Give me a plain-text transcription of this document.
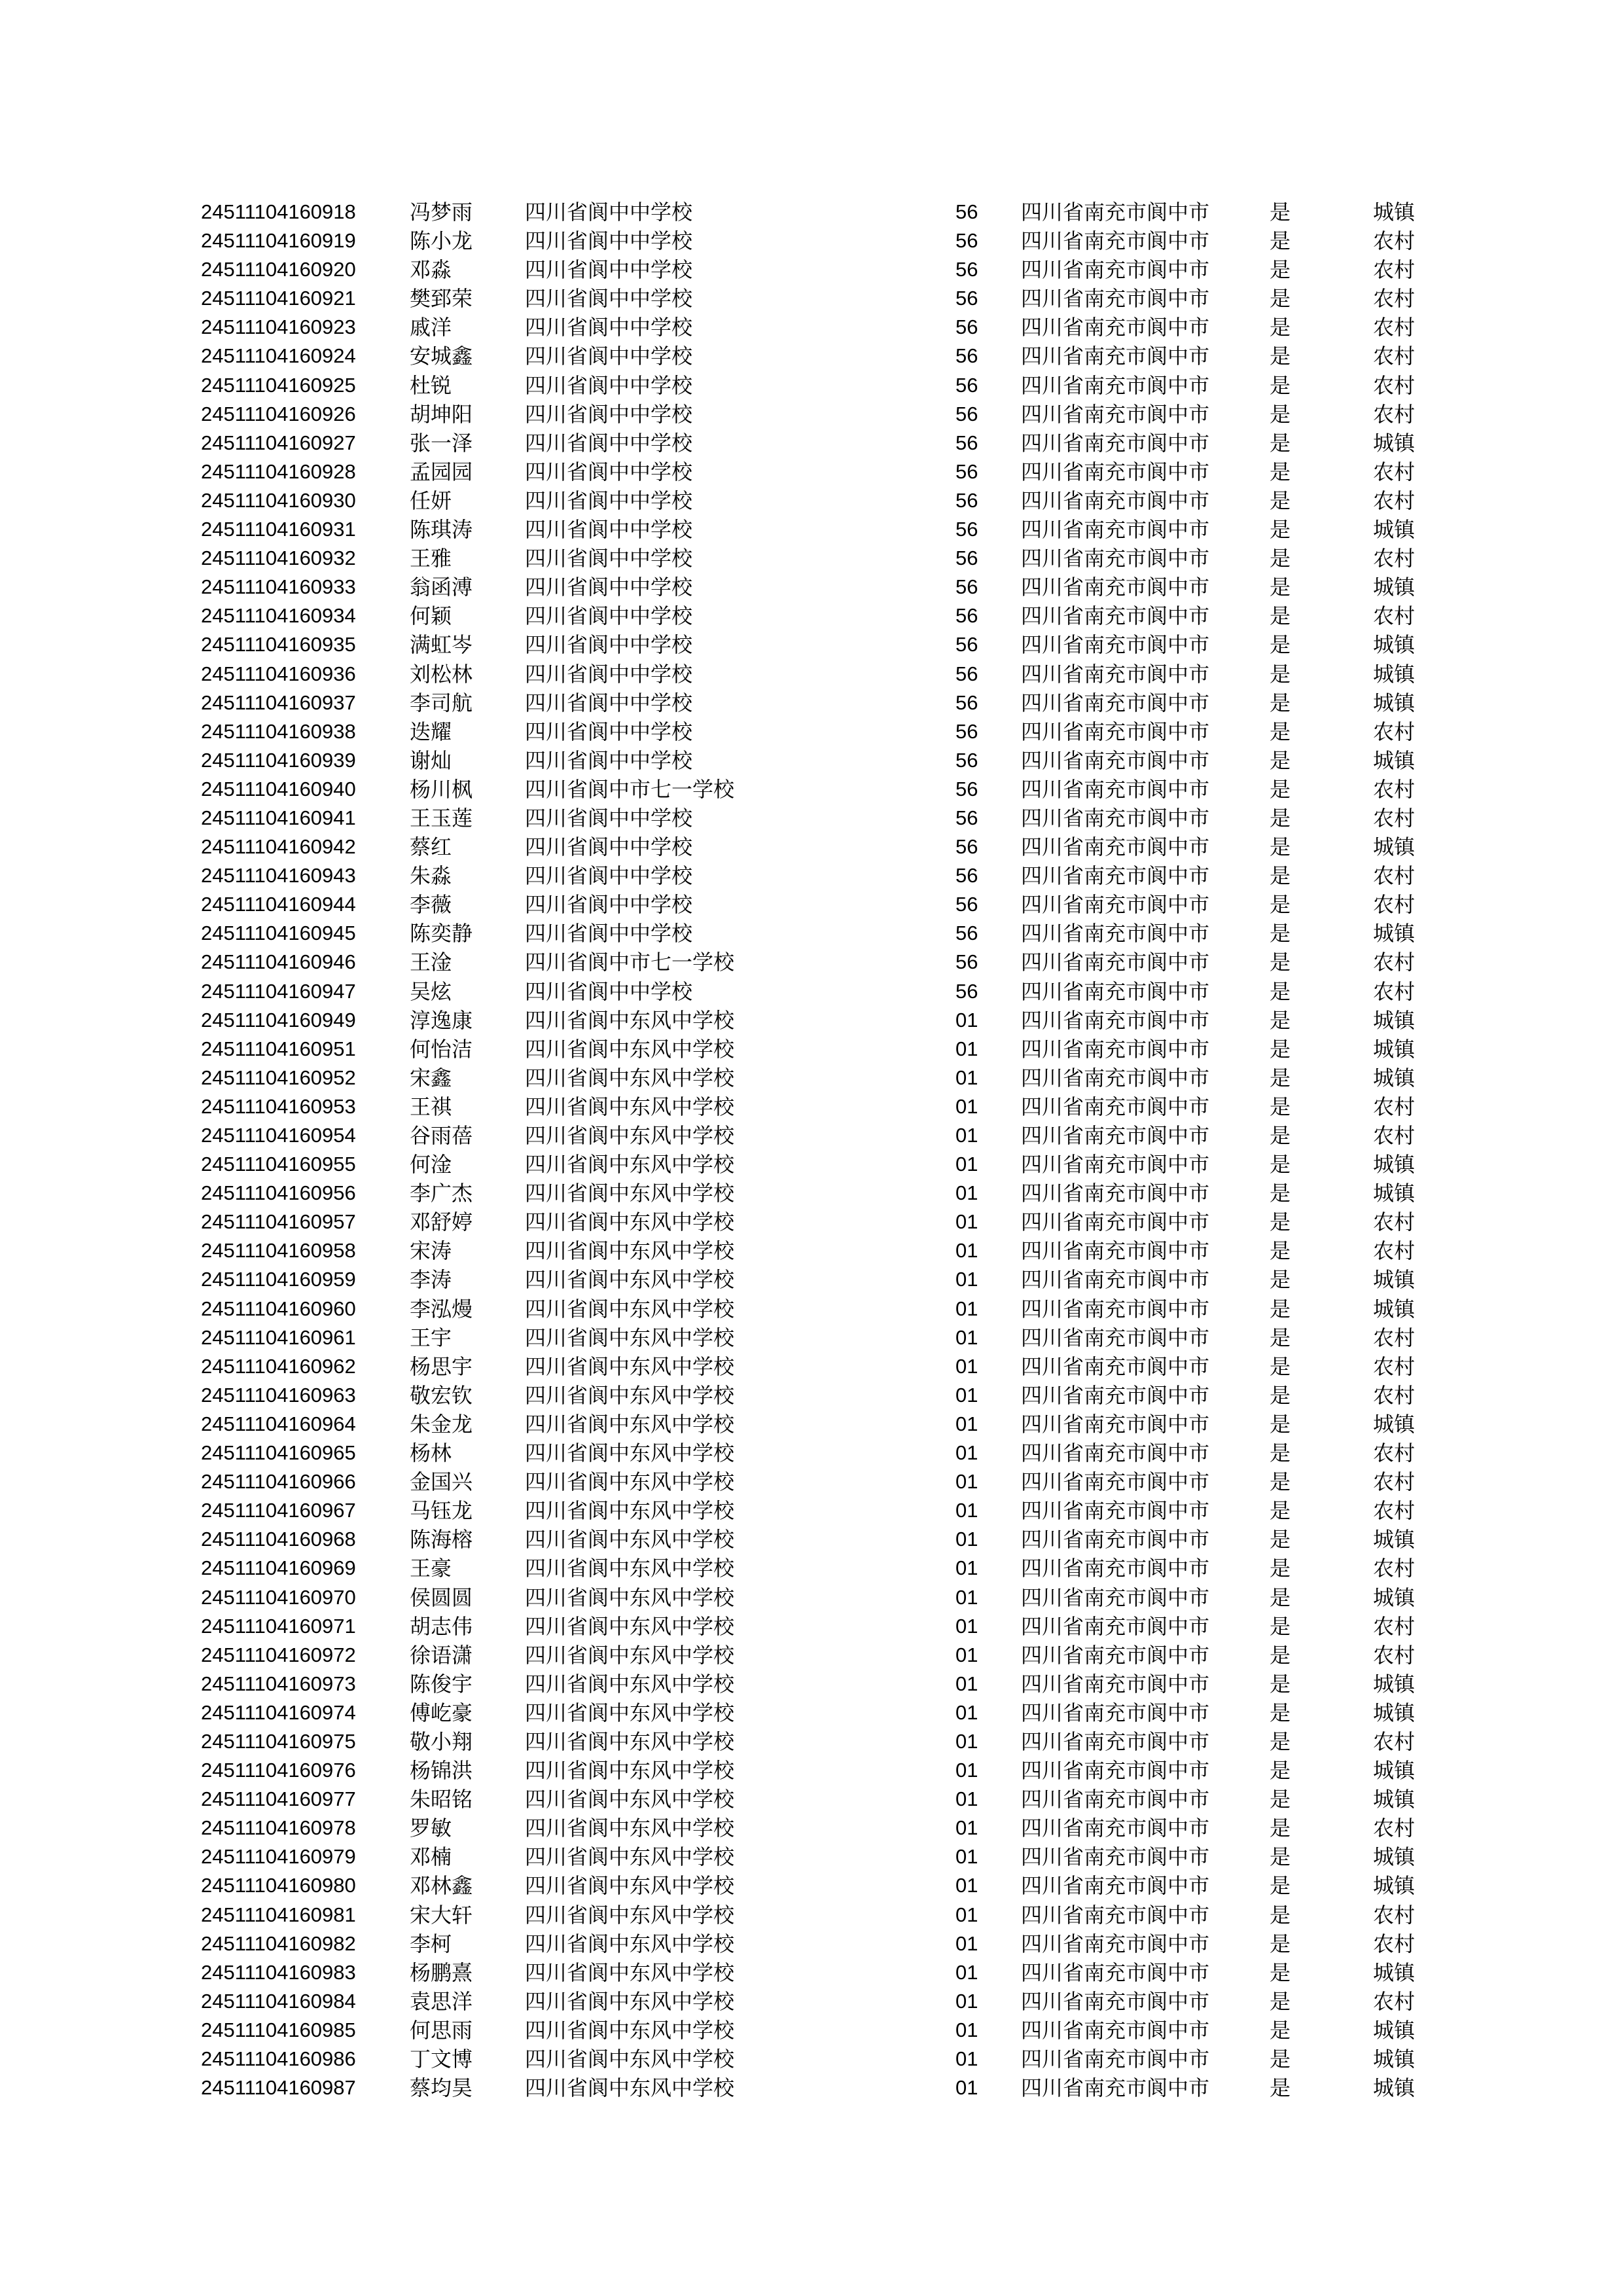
24511104160918	冯梦雨 四川省阆中中学校	56 四川省南充市阆中市	是	城镇
24511104160919	陈小龙 四川省阆中中学校	56 四川省南充市阆中市	是	农村
24511104160920	邓淼	四川省阆中中学校	56 四川省南充市阆中市	是	农村
24511104160921	樊郅荣 四川省阆中中学校	56 四川省南充市阆中市	是	农村
24511104160923	戚洋	四川省阆中中学校	56 四川省南充市阆中市	是	农村
24511104160924	安城鑫 四川省阆中中学校	56 四川省南充市阆中市	是	农村
24511104160925	杜锐	四川省阆中中学校	56 四川省南充市阆中市	是	农村
24511104160926	胡坤阳 四川省阆中中学校	56 四川省南充市阆中市	是	农村
24511104160927	张一泽 四川省阆中中学校	56 四川省南充市阆中市	是	城镇
24511104160928	孟园园 四川省阆中中学校	56 四川省南充市阆中市	是	农村
24511104160930	任妍	四川省阆中中学校	56 四川省南充市阆中市	是	农村
24511104160931	陈琪涛 四川省阆中中学校	56 四川省南充市阆中市	是	城镇
24511104160932	王雅	四川省阆中中学校	56 四川省南充市阆中市	是	农村
24511104160933	翁函溥 四川省阆中中学校	56 四川省南充市阆中市	是	城镇
24511104160934	何颖	四川省阆中中学校	56 四川省南充市阆中市	是	农村
24511104160935	满虹岑 四川省阆中中学校	56 四川省南充市阆中市	是	城镇
24511104160936	刘松林 四川省阆中中学校	56 四川省南充市阆中市	是	城镇
24511104160937	李司航 四川省阆中中学校	56 四川省南充市阆中市	是	城镇
24511104160938	迭耀	四川省阆中中学校	56 四川省南充市阆中市	是	农村
24511104160939	谢灿	四川省阆中中学校	56 四川省南充市阆中市	是	城镇
24511104160940	杨川枫 四川省阆中市七一学校	56 四川省南充市阆中市	是	农村
24511104160941	王玉莲 四川省阆中中学校	56 四川省南充市阆中市	是	农村
24511104160942	蔡红	四川省阆中中学校	56 四川省南充市阆中市	是	城镇
24511104160943	朱淼	四川省阆中中学校	56 四川省南充市阆中市	是	农村
24511104160944	李薇	四川省阆中中学校	56 四川省南充市阆中市	是	农村
24511104160945	陈奕静 四川省阆中中学校	56 四川省南充市阆中市	是	城镇
24511104160946	王淦	四川省阆中市七一学校	56 四川省南充市阆中市	是	农村
24511104160947	吴炫	四川省阆中中学校	56 四川省南充市阆中市	是	农村
24511104160949	淳逸康 四川省阆中东风中学校	01 四川省南充市阆中市	是	城镇
24511104160951	何怡洁 四川省阆中东风中学校	01 四川省南充市阆中市	是	城镇
24511104160952	宋鑫	四川省阆中东风中学校	01 四川省南充市阆中市	是	城镇
24511104160953	王祺	四川省阆中东风中学校	01 四川省南充市阆中市	是	农村
24511104160954	谷雨蓓 四川省阆中东风中学校	01 四川省南充市阆中市	是	农村
24511104160955	何淦	四川省阆中东风中学校	01 四川省南充市阆中市	是	城镇
24511104160956	李广杰 四川省阆中东风中学校	01 四川省南充市阆中市	是	城镇
24511104160957	邓舒婷 四川省阆中东风中学校	01 四川省南充市阆中市	是	农村
24511104160958	宋涛	四川省阆中东风中学校	01 四川省南充市阆中市	是	农村
24511104160959	李涛	四川省阆中东风中学校	01 四川省南充市阆中市	是	城镇
24511104160960	李泓熳 四川省阆中东风中学校	01 四川省南充市阆中市	是	城镇
24511104160961	王宇	四川省阆中东风中学校	01 四川省南充市阆中市	是	农村
24511104160962	杨思宇 四川省阆中东风中学校	01 四川省南充市阆中市	是	农村
24511104160963	敬宏钦 四川省阆中东风中学校	01 四川省南充市阆中市	是	农村
24511104160964	朱金龙 四川省阆中东风中学校	01 四川省南充市阆中市	是	城镇
24511104160965	杨林	四川省阆中东风中学校	01 四川省南充市阆中市	是	农村
24511104160966	金国兴 四川省阆中东风中学校	01 四川省南充市阆中市	是	农村
24511104160967	马钰龙 四川省阆中东风中学校	01 四川省南充市阆中市	是	农村
24511104160968	陈海榕 四川省阆中东风中学校	01 四川省南充市阆中市	是	城镇
24511104160969	王豪	四川省阆中东风中学校	01 四川省南充市阆中市	是	农村
24511104160970	侯圆圆 四川省阆中东风中学校	01 四川省南充市阆中市	是	城镇
24511104160971	胡志伟 四川省阆中东风中学校	01 四川省南充市阆中市	是	农村
24511104160972	徐语潇 四川省阆中东风中学校	01 四川省南充市阆中市	是	农村
24511104160973	陈俊宇 四川省阆中东风中学校	01 四川省南充市阆中市	是	城镇
24511104160974	傅屹豪 四川省阆中东风中学校	01 四川省南充市阆中市	是	城镇
24511104160975	敬小翔 四川省阆中东风中学校	01 四川省南充市阆中市	是	农村
24511104160976	杨锦洪 四川省阆中东风中学校	01 四川省南充市阆中市	是	城镇
24511104160977	朱昭铭 四川省阆中东风中学校	01 四川省南充市阆中市	是	城镇
24511104160978	罗敏	四川省阆中东风中学校	01 四川省南充市阆中市	是	农村
24511104160979	邓楠	四川省阆中东风中学校	01 四川省南充市阆中市	是	城镇
24511104160980	邓林鑫 四川省阆中东风中学校	01 四川省南充市阆中市	是	城镇
24511104160981	宋大轩 四川省阆中东风中学校	01 四川省南充市阆中市	是	农村
24511104160982	李柯	四川省阆中东风中学校	01 四川省南充市阆中市	是	农村
24511104160983	杨鹏熹 四川省阆中东风中学校	01 四川省南充市阆中市	是	城镇
24511104160984	袁思洋 四川省阆中东风中学校	01 四川省南充市阆中市	是	农村
24511104160985	何思雨 四川省阆中东风中学校	01 四川省南充市阆中市	是	城镇
24511104160986	丁文博 四川省阆中东风中学校	01 四川省南充市阆中市	是	城镇
24511104160987	蔡均昊 四川省阆中东风中学校	01 四川省南充市阆中市	是	城镇
